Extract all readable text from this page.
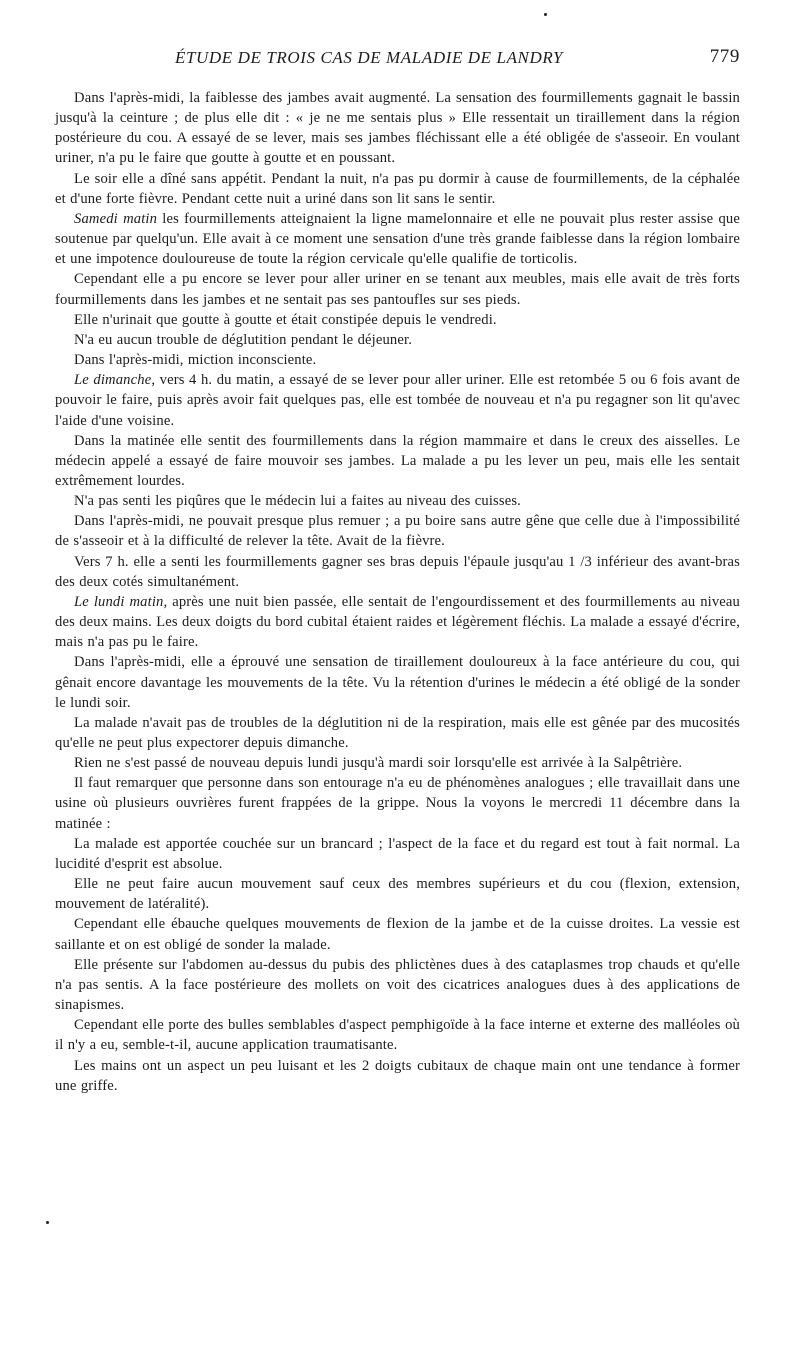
ÉTUDE DE TROIS CAS DE MALADIE DE LANDRY	779

Dans l'après-midi, la faiblesse des jambes avait augmenté. La sensation des fourmillements gagnait le bassin jusqu'à la ceinture ; de plus elle dit : « je ne me sentais plus » Elle ressentait un tiraillement dans la région postérieure du cou. A essayé de se lever, mais ses jambes fléchissant elle a été obligée de s'asseoir. En voulant uriner, n'a pu le faire que goutte à goutte et en poussant.

Le soir elle a dîné sans appétit. Pendant la nuit, n'a pas pu dormir à cause de fourmillements, de la céphalée et d'une forte fièvre. Pendant cette nuit a uriné dans son lit sans le sentir.

Samedi matin les fourmillements atteignaient la ligne mamelonnaire et elle ne pouvait plus rester assise que soutenue par quelqu'un. Elle avait à ce moment une sensation d'une très grande faiblesse dans la région lombaire et une impotence douloureuse de toute la région cervicale qu'elle qualifie de torticolis.

Cependant elle a pu encore se lever pour aller uriner en se tenant aux meubles, mais elle avait de très forts fourmillements dans les jambes et ne sentait pas ses pantoufles sur ses pieds.

Elle n'urinait que goutte à goutte et était constipée depuis le vendredi.

N'a eu aucun trouble de déglutition pendant le déjeuner.

Dans l'après-midi, miction inconsciente.

Le dimanche, vers 4 h. du matin, a essayé de se lever pour aller uriner. Elle est retombée 5 ou 6 fois avant de pouvoir le faire, puis après avoir fait quelques pas, elle est tombée de nouveau et n'a pu regagner son lit qu'avec l'aide d'une voisine.

Dans la matinée elle sentit des fourmillements dans la région mammaire et dans le creux des aisselles. Le médecin appelé a essayé de faire mouvoir ses jambes. La malade a pu les lever un peu, mais elle les sentait extrêmement lourdes.

N'a pas senti les piqûres que le médecin lui a faites au niveau des cuisses.

Dans l'après-midi, ne pouvait presque plus remuer ; a pu boire sans autre gêne que celle due à l'impossibilité de s'asseoir et à la difficulté de relever la tête. Avait de la fièvre.

Vers 7 h. elle a senti les fourmillements gagner ses bras depuis l'épaule jusqu'au 1 /3 inférieur des avant-bras des deux cotés simultanément.

Le lundi matin, après une nuit bien passée, elle sentait de l'engourdissement et des fourmillements au niveau des deux mains. Les deux doigts du bord cubital étaient raides et légèrement fléchis. La malade a essayé d'écrire, mais n'a pas pu le faire.

Dans l'après-midi, elle a éprouvé une sensation de tiraillement douloureux à la face antérieure du cou, qui gênait encore davantage les mouvements de la tête. Vu la rétention d'urines le médecin a été obligé de la sonder le lundi soir.

La malade n'avait pas de troubles de la déglutition ni de la respiration, mais elle est gênée par des mucosités qu'elle ne peut plus expectorer depuis dimanche.

Rien ne s'est passé de nouveau depuis lundi jusqu'à mardi soir lorsqu'elle est arrivée à la Salpêtrière.

Il faut remarquer que personne dans son entourage n'a eu de phénomènes analogues ; elle travaillait dans une usine où plusieurs ouvrières furent frappées de la grippe. Nous la voyons le mercredi 11 décembre dans la matinée :

La malade est apportée couchée sur un brancard ; l'aspect de la face et du regard est tout à fait normal. La lucidité d'esprit est absolue.

Elle ne peut faire aucun mouvement sauf ceux des membres supérieurs et du cou (flexion, extension, mouvement de latéralité).

Cependant elle ébauche quelques mouvements de flexion de la jambe et de la cuisse droites. La vessie est saillante et on est obligé de sonder la malade.

Elle présente sur l'abdomen au-dessus du pubis des phlictènes dues à des cataplasmes trop chauds et qu'elle n'a pas sentis. A la face postérieure des mollets on voit des cicatrices analogues dues à des applications de sinapismes.

Cependant elle porte des bulles semblables d'aspect pemphigoïde à la face interne et externe des malléoles où il n'y a eu, semble-t-il, aucune application traumatisante.

Les mains ont un aspect un peu luisant et les 2 doigts cubitaux de chaque main ont une tendance à former une griffe.
